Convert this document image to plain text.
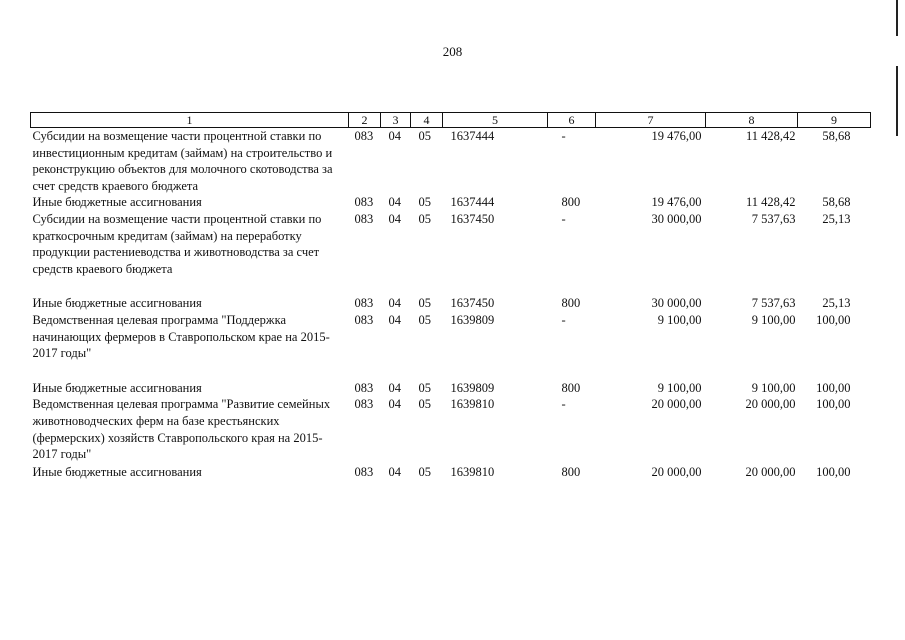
208
1	2	3	4	5	6	7	8	9
Субсидии на возмещение части процентной ставки по инвестиционным кредитам (займам) на строительство и реконструкцию объектов для молочного скотоводства за счет средств краевого бюджета	083	04	05	1637444	-	19 476,00	11 428,42	58,68
Иные бюджетные ассигнования	083	04	05	1637444	800	19 476,00	11 428,42	58,68
Субсидии на возмещение части процентной ставки по краткосрочным кредитам (займам) на переработку продукции растениеводства и животноводства за счет средств краевого бюджета	083	04	05	1637450	-	30 000,00	7 537,63	25,13
Иные бюджетные ассигнования	083	04	05	1637450	800	30 000,00	7 537,63	25,13
Ведомственная целевая программа "Поддержка начинающих фермеров в Ставропольском крае на 2015-2017 годы"	083	04	05	1639809	-	9 100,00	9 100,00	100,00
Иные бюджетные ассигнования	083	04	05	1639809	800	9 100,00	9 100,00	100,00
Ведомственная целевая программа "Развитие семейных животноводческих ферм на базе крестьянских (фермерских) хозяйств Ставропольского края на 2015-2017 годы"	083	04	05	1639810	-	20 000,00	20 000,00	100,00
Иные бюджетные ассигнования	083	04	05	1639810	800	20 000,00	20 000,00	100,00
